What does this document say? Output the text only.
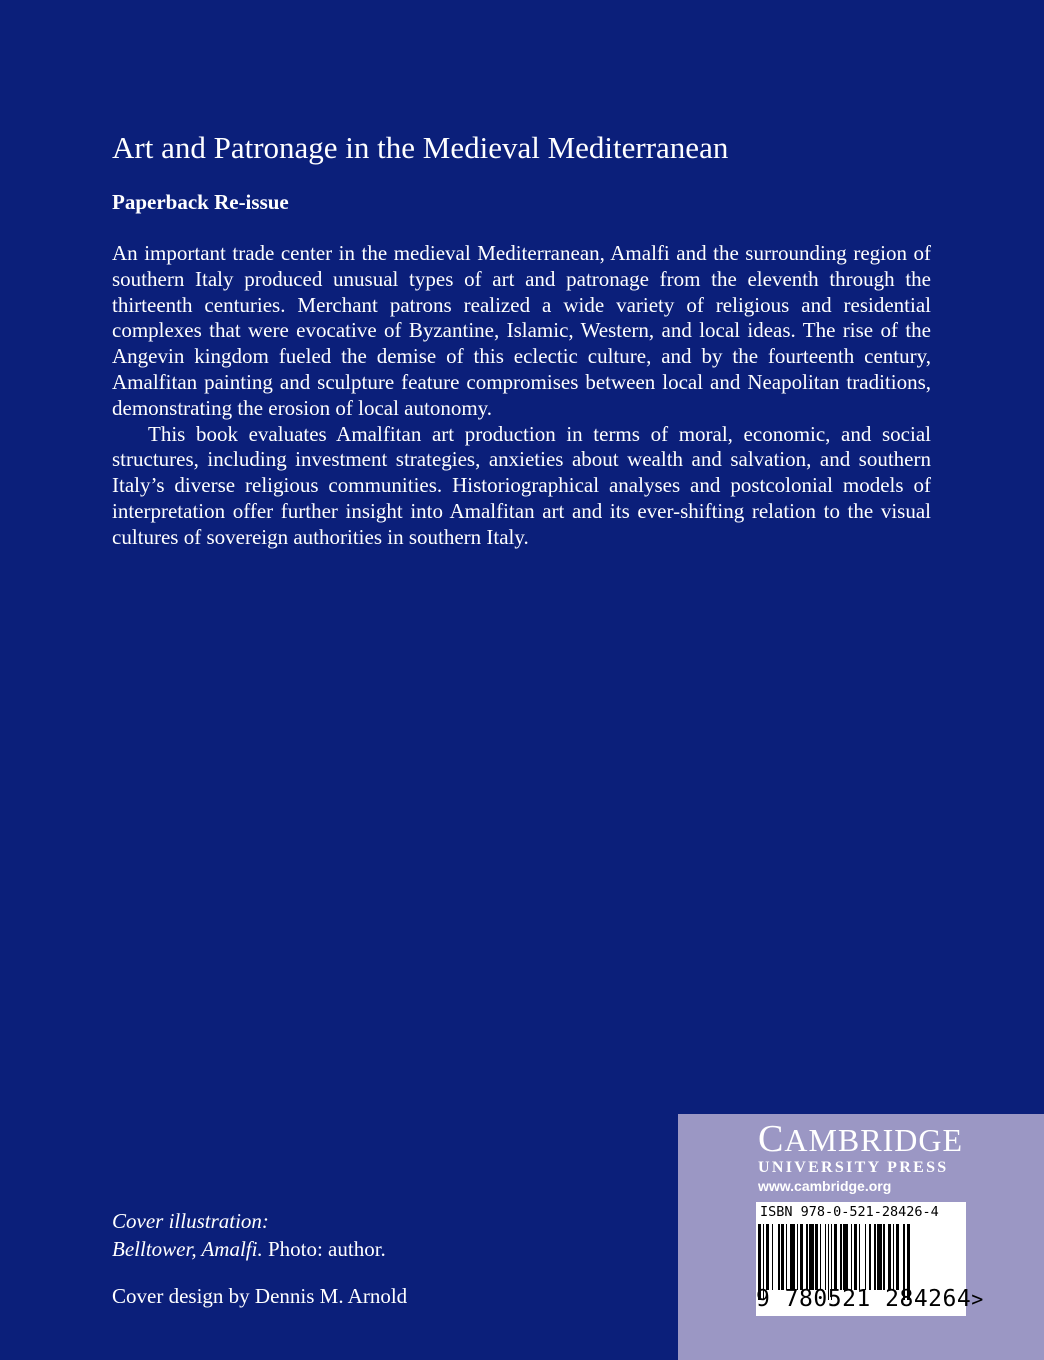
Art and Patronage in the Medieval Mediterranean
Paperback Re-issue

An important trade center in the medieval Mediterranean, Amalfi and the surrounding region of southern Italy produced unusual types of art and patronage from the eleventh through the thirteenth centuries. Merchant patrons realized a wide variety of religious and residential complexes that were evocative of Byzantine, Islamic, Western, and local ideas. The rise of the Angevin kingdom fueled the demise of this eclectic culture, and by the fourteenth century, Amalfitan painting and sculpture feature compromises between local and Neapolitan traditions, demonstrating the erosion of local autonomy.

This book evaluates Amalfitan art production in terms of moral, economic, and social structures, including investment strategies, anxieties about wealth and salvation, and southern Italy’s diverse religious communities. Historiographical analyses and postcolonial models of interpretation offer further insight into Amalfitan art and its ever-shifting relation to the visual cultures of sovereign authorities in southern Italy.

Cover illustration:
Belltower, Amalfi. Photo: author.
Cover design by Dennis M. Arnold
CAMBRIDGE
UNIVERSITY PRESS
www.cambridge.org
ISBN 978-0-521-28426-4
9 780521 284264>
